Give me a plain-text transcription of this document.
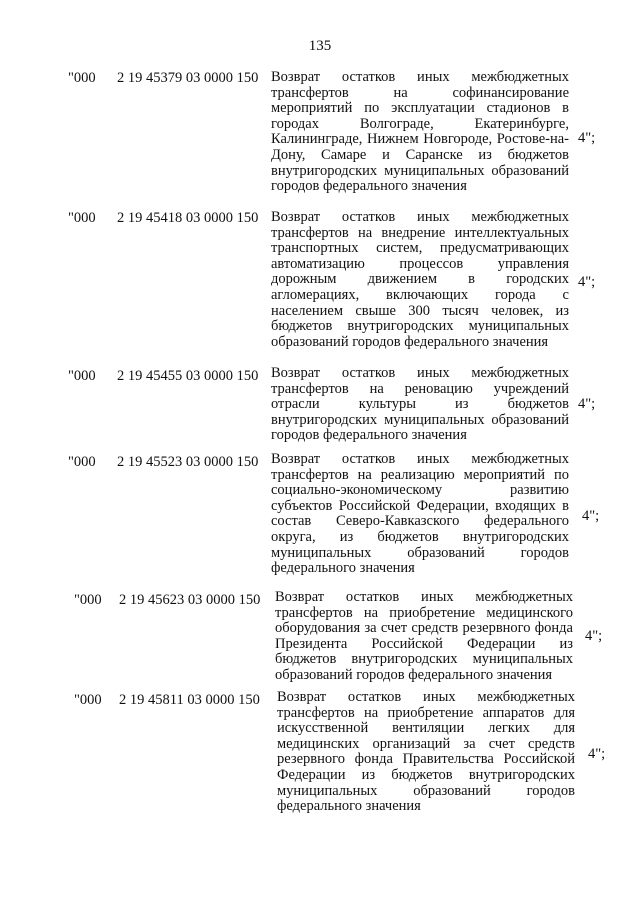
135
"000 2 19 45379 03 0000 150 Возврат остатков иных межбюджетных трансфертов на софинансирование мероприятий по эксплуатации стадионов в городах Волгограде, Екатеринбурге, Калининграде, Нижнем Новгороде, Ростове-на-Дону, Самаре и Саранске из бюджетов внутригородских муниципальных образований городов федерального значения
4";
"000 2 19 45418 03 0000 150 Возврат остатков иных межбюджетных трансфертов на внедрение интеллектуальных транспортных систем, предусматривающих автоматизацию процессов управления дорожным движением в городских агломерациях, включающих города с населением свыше 300 тысяч человек, из бюджетов внутригородских муниципальных образований городов федерального значения
4";
"000 2 19 45455 03 0000 150 Возврат остатков иных межбюджетных трансфертов на реновацию учреждений отрасли культуры из бюджетов внутригородских муниципальных образований городов федерального значения
4";
"000 2 19 45523 03 0000 150 Возврат остатков иных межбюджетных трансфертов на реализацию мероприятий по социально-экономическому развитию субъектов Российской Федерации, входящих в состав Северо-Кавказского федерального округа, из бюджетов внутригородских муниципальных образований городов федерального значения
4";
"000 2 19 45623 03 0000 150 Возврат остатков иных межбюджетных трансфертов на приобретение медицинского оборудования за счет средств резервного фонда Президента Российской Федерации из бюджетов внутригородских муниципальных образований городов федерального значения
4";
"000 2 19 45811 03 0000 150 Возврат остатков иных межбюджетных трансфертов на приобретение аппаратов для искусственной вентиляции легких для медицинских организаций за счет средств резервного фонда Правительства Российской Федерации из бюджетов внутригородских муниципальных образований городов федерального значения
4";
